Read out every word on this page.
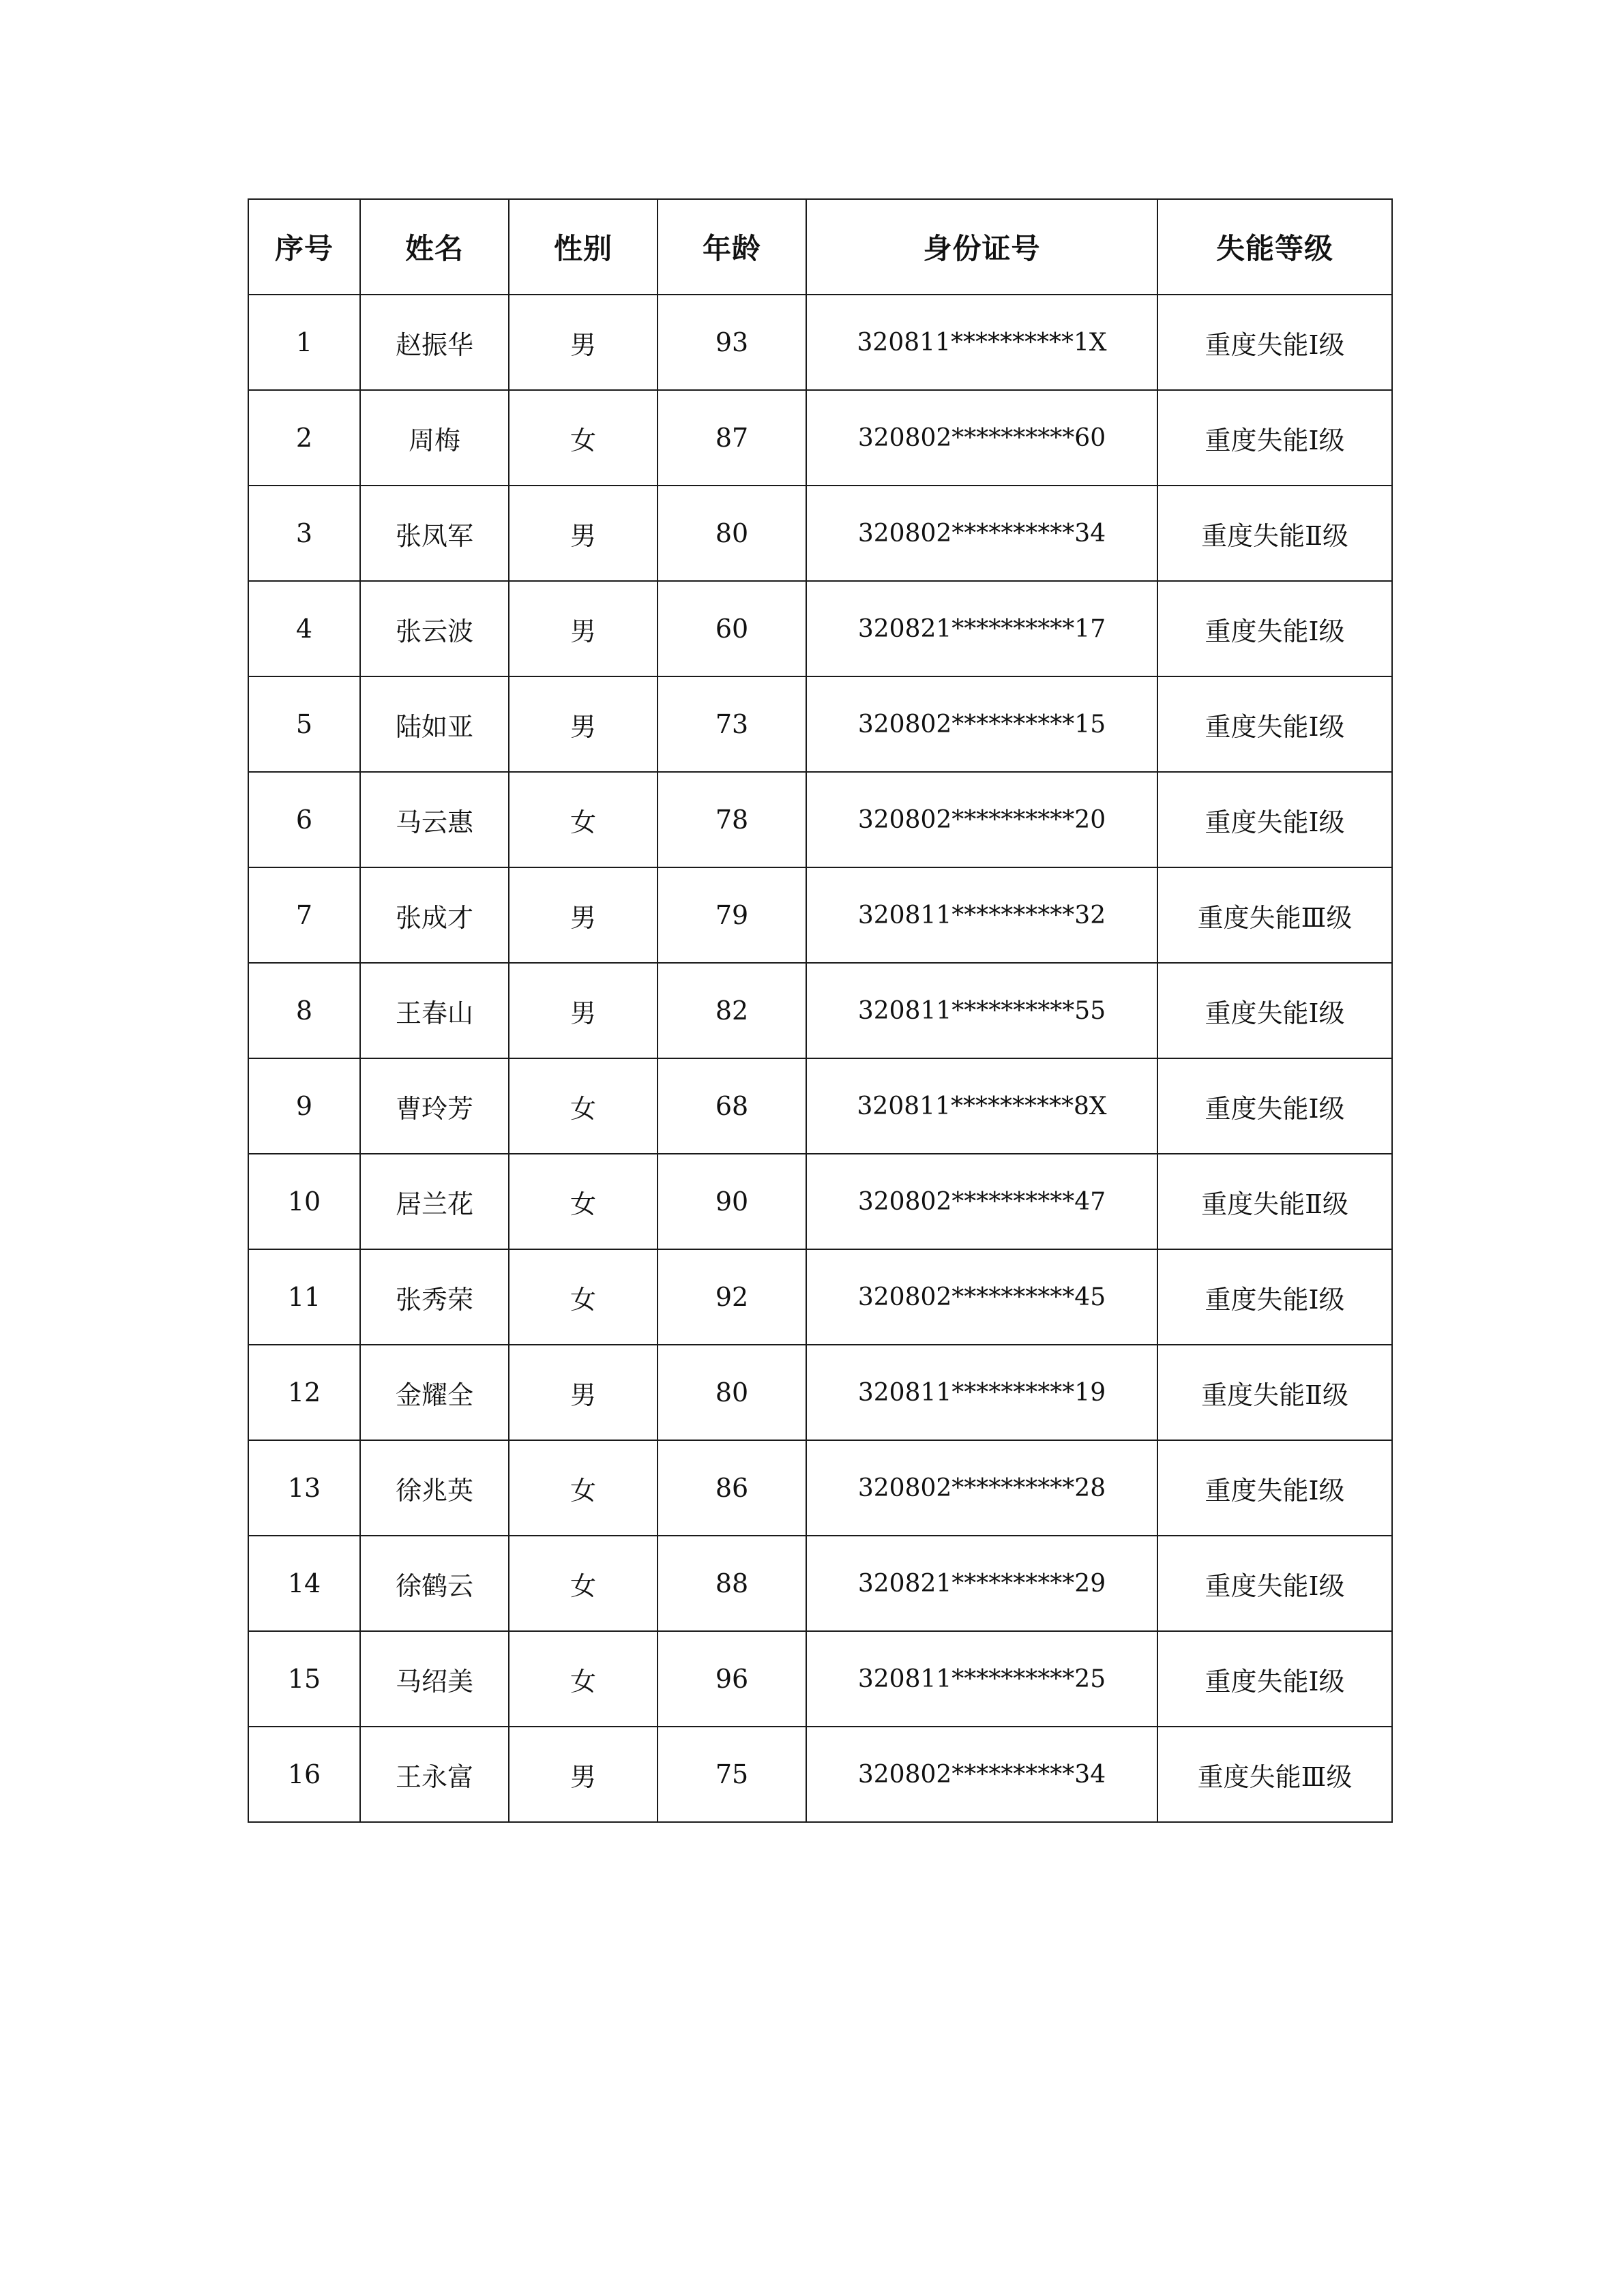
序号	姓名	性别	年龄	身份证号	失能等级
1	赵振华	男	93	320811**********1X	重度失能Ⅰ级
2	周梅	女	87	320802**********60	重度失能Ⅰ级
3	张凤军	男	80	320802**********34	重度失能Ⅱ级
4	张云波	男	60	320821**********17	重度失能Ⅰ级
5	陆如亚	男	73	320802**********15	重度失能Ⅰ级
6	马云惠	女	78	320802**********20	重度失能Ⅰ级
7	张成才	男	79	320811**********32	重度失能Ⅲ级
8	王春山	男	82	320811**********55	重度失能Ⅰ级
9	曹玲芳	女	68	320811**********8X	重度失能Ⅰ级
10	居兰花	女	90	320802**********47	重度失能Ⅱ级
11	张秀荣	女	92	320802**********45	重度失能Ⅰ级
12	金耀全	男	80	320811**********19	重度失能Ⅱ级
13	徐兆英	女	86	320802**********28	重度失能Ⅰ级
14	徐鹤云	女	88	320821**********29	重度失能Ⅰ级
15	马绍美	女	96	320811**********25	重度失能Ⅰ级
16	王永富	男	75	320802**********34	重度失能Ⅲ级
